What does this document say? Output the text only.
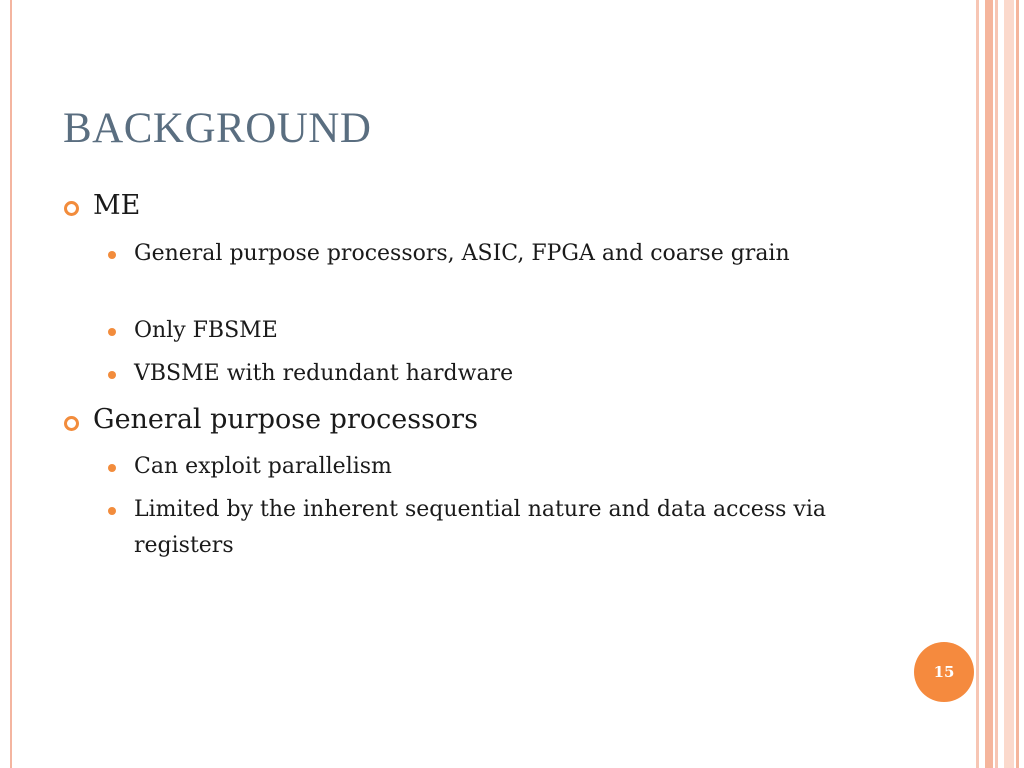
BACKGROUND
ME
General purpose processors, ASIC, FPGA and coarse grain
Only FBSME
VBSME with redundant hardware
General purpose processors
Can exploit parallelism
Limited by the inherent sequential nature and data access via registers
15
